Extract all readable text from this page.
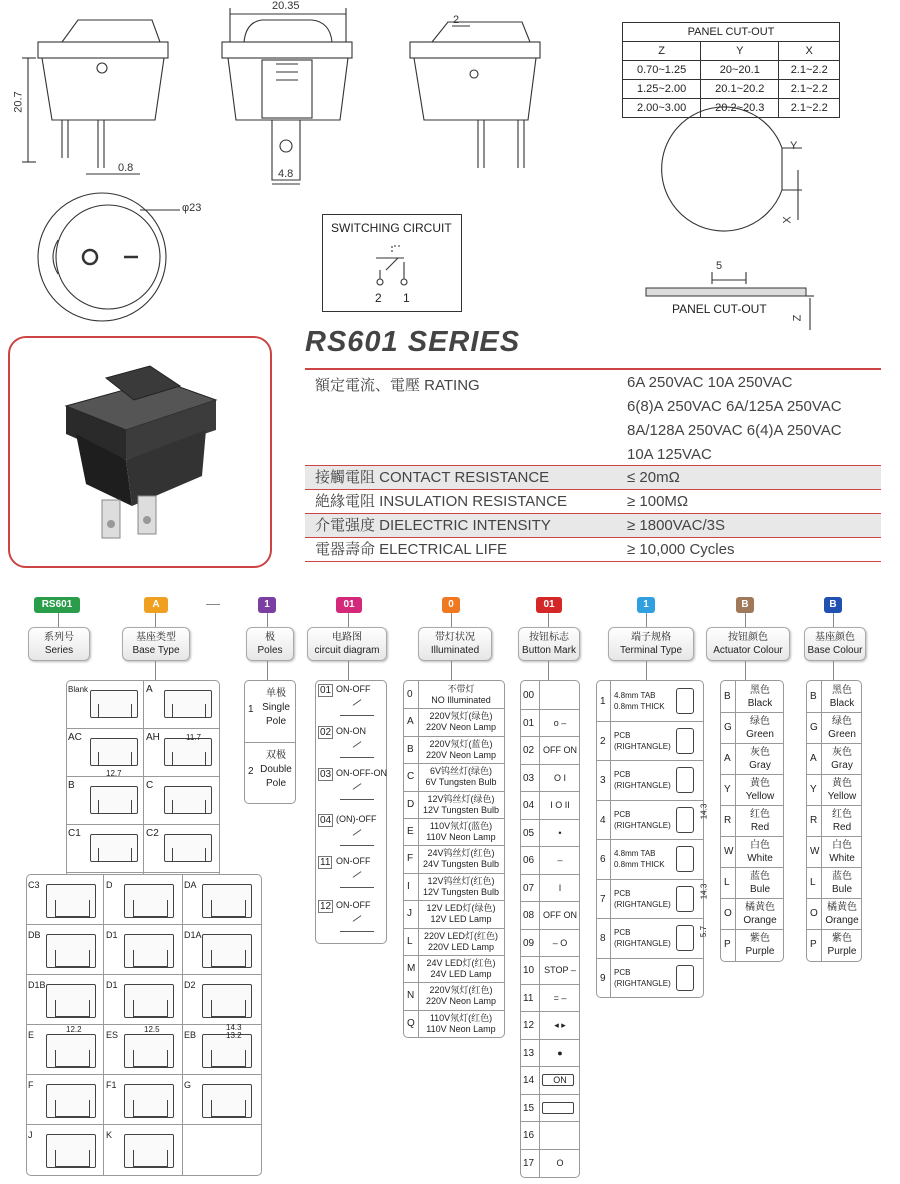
20.35
20.7
0.8	4.8
2
φ23
Y
X
5
Z
PANEL CUT-OUT
PANEL CUT-OUT		
Z	Y	X
0.70~1.25	20~20.1	2.1~2.2
1.25~2.00	20.1~20.2	2.1~2.2
2.00~3.00	20.2~20.3	2.1~2.2
SWITCHING CIRCUIT
2 1
RS601 SERIES
額定電流、電壓 RATING	6A 250VAC 10A 250VAC
6(8)A 250VAC 6A/125A 250VAC
8A/128A 250VAC 6(4)A 250VAC
10A 125VAC
接觸電阻 CONTACT RESISTANCE	≤ 20mΩ
絶緣電阻 INSULATION RESISTANCE	≥ 100MΩ
介電强度 DIELECTRIC INTENSITY	≥ 1800VAC/3S
電器壽命 ELECTRICAL LIFE	≥ 10,000 Cycles
RS601
系列号
Series
A
基座类型
Base Type
1
极
Poles
01
电路图
circuit diagram
0
带灯状况
Illuminated
01
按钮标志
Button Mark
1
端子规格
Terminal Type
B
按钮颜色
Actuator Colour
B
基座颜色
Base Colour
Blank	A
AC	AH
B	C
C1	C2
11.7
12.7
C3	D	DA
DB	D1	D1A
D1B	D1	D2
E	ES	EB
F	F1	G
J	K
12.2	12.5	14.3
13.2
1
单极
Single
Pole
2
双极
Double
Pole
01 ON-OFF
02 ON-ON
03 ON-OFF-ON
04 (ON)-OFF
11 ON-OFF
12 ON-OFF
0	不带灯
NO Illuminated
A	220V氖灯(绿色)
220V Neon Lamp
B	220V氖灯(蓝色)
220V Neon Lamp
C	6V钨丝灯(绿色)
6V Tungsten Bulb
D	12V钨丝灯(绿色)
12V Tungsten Bulb
E	110V氖灯(蓝色)
110V Neon Lamp
F	24V钨丝灯(红色)
24V Tungsten Bulb
I	12V钨丝灯(红色)
12V Tungsten Bulb
J	12V LED灯(绿色)
12V LED Lamp
L	220V LED灯(红色)
220V LED Lamp
M	24V LED灯(红色)
24V LED Lamp
N	220V氖灯(红色)
220V Neon Lamp
Q	110V氖灯(红色)
110V Neon Lamp
00
01	o –
02 OFF ON
03	O I
04	I O II
05	•
06	–
07	I
08 OFF ON
09	– O
10	STOP –
11	= –
12	◂ ▸
13	●
14	ON
15
16
17	O
1
4.8mm TAB
0.8mm THICK
2
PCB
(RIGHTANGLE)
3
PCB
(RIGHTANGLE)
4
PCB
(RIGHTANGLE)
6
4.8mm TAB
0.8mm THICK
7
PCB
(RIGHTANGLE)
8
PCB
(RIGHTANGLE)
9
PCB
(RIGHTANGLE)
14.3
14.3
5.7
B
黑色
Black
G
绿色
Green
A
灰色
Gray
Y
黄色
Yellow
R
红色
Red
W
白色
White
L
蓝色
Bule
O
橘黄色
Orange
P
紫色
Purple
B
黑色
Black
G
绿色
Green
A
灰色
Gray
Y
黄色
Yellow
R
红色
Red
W
白色
White
L
蓝色
Bule
O
橘黄色
Orange
P
紫色
Purple
